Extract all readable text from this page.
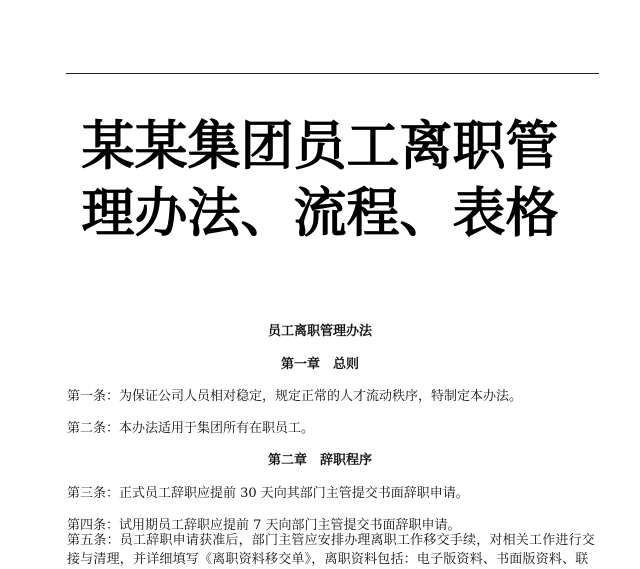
某某集团员工离职管
理办法、流程、表格
员工离职管理办法
第一章　总则
第一条：为保证公司人员相对稳定，规定正常的人才流动秩序，特制定本办法。
第二条：本办法适用于集团所有在职员工。
第二章　辞职程序
第三条：正式员工辞职应提前 30 天向其部门主管提交书面辞职申请。
第四条：试用期员工辞职应提前 7 天向部门主管提交书面辞职申请。
第五条：员工辞职申请获准后，部门主管应安排办理离职工作移交手续，对相关工作进行交接与清理，并详细填写《离职资料移交单》，离职资料包括：电子版资料、书面版资料、联
